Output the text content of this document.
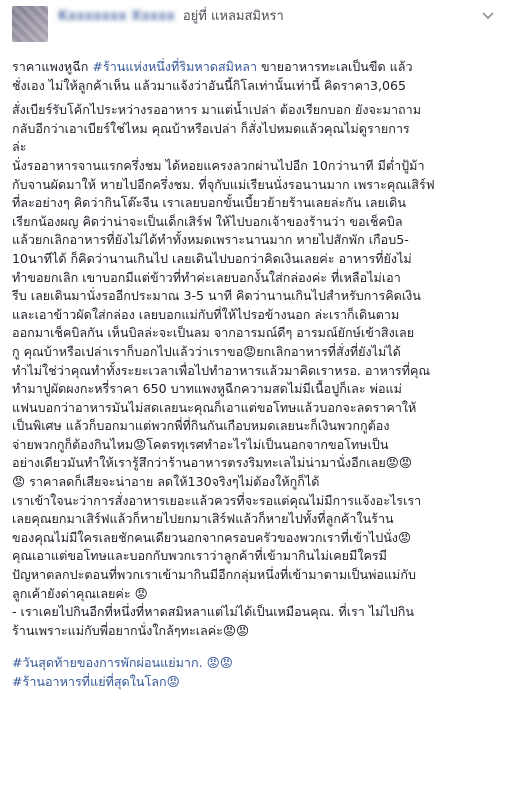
Kxxxxxxx Xxxxx อยู่ที่ แหลมสมิหรา
ราคาแพงหูฉีก #ร้านแห่งหนึ่งที่ริมหาดสมิหลา ขายอาหารทะเลเป็นขีด แล้ว
ชั่งเอง ไม่ให้ลูกค้าเห็น แล้วมาแจ้งว่าอันนี้กิโลเท่านั้นเท่านี้ คิดราคา3,065
สั่งเบียร์รับโค้กไประหว่างรออาหาร มาแต่น้ำเปล่า ต้องเรียกบอก ยังจะมาถาม
กลับอีกว่าเอาเบียร์ใช่ไหม คุณบ้าหรือเปล่า ก็สั่งไปหมดแล้วคุณไม่ดูรายการ
ล่ะ
นั่งรออาหารจานแรกครึ่งชม ได้หอยแครงลวกผ่านไปอีก 10กว่านาที มีต่ำปู้ม้า
กับจานผัดมาให้ หายไปอีกครึ่งชม. ที่จุกับแม่เรียนนั่งรอนานมาก เพราะคุณเสิร์ฟ
ที่ละอย่างๆ คิดว่ากินโต๊ะจีน เราเลยบอกขั้นเบี้ยวย้ายร้านเลยล่ะกัน เลยเดิน
เรียกน้องผญ คิดว่าน่าจะเป็นเด็กเสิร์ฟ ให้ไปบอกเจ้าของร้านว่า ขอเช็คบิล
แล้วยกเลิกอาหารที่ยังไม่ได้ทำทั้งหมดเพราะนานมาก หายไปสักพัก เกือบ5-
10นาทีได้ ก็คิดว่านานเกินไป เลยเดินไปบอกว่าคิดเงินเลยค่ะ อาหารที่ยังไม่
ทำขอยกเลิก เขาบอกมีแต่ข้าวที่ทำค่ะเลยบอกงั้นใส่กล่องค่ะ ที่เหลือไม่เอา
รีบ เลยเดินมานั่งรออีกประมาณ 3-5 นาที คิดว่านานเกินไปสำหรับการคิดเงิน
และเอาข้าวผัดใส่กล่อง เลยบอกแม่กับที่ให้ไปรอข้างนอก ล่ะเราก็เดินตาม
ออกมาเช็คบิลกัน เห็นบิลล่ะจะเป็นลม จากอารมณ์ดีๆ อารมณ์ยักษ์เข้าสิงเลย
กู คุณบ้าหรือเปล่าเราก็บอกไปแล้วว่าเราขอ😡ยกเลิกอาหารที่สั่งที่ยังไม่ได้
ทำไม่ใช่ว่าคุณทำทั้งระยะเวลาเพื่อไปทำอาหารแล้วมาคิดเราหรอ. อาหารที่คุณ
ทำมาปูผัดผงกะหรี่ราคา 650 บาทแพงหูฉีกความสดไม่มีเนื้อปูก็เละ พ่อแม่
แฟนบอกว่าอาหารมันไม่สดเลยนะคุณก็เอาแต่ขอโทษแล้วบอกจะลดราคาให้
เป็นพิเศษ แล้วก็บอกมาแต่พวกพี่ที่กินกันเกือบหมดเลยนะก็เงินพวกกูต้อง
จ่ายพวกกูก็ต้องกินไหม😡โคตรทุเรศทำอะไรไม่เป็นนอกจากขอโทษเป็น
อย่างเดียวมันทำให้เรารู้สึกว่าร้านอาหารตรงริมทะเลไม่น่ามานั่งอีกเลย😡😡
😡 ราคาลดก็เสียจะน่าอาย ลดให้130จริงๆไม่ต้องให้กูก็ได้
เราเข้าใจนะว่าการสั่งอาหารเยอะแล้วควรที่จะรอแต่คุณไม่มีการแจ้งอะไรเรา
เลยคุณยกมาเสิร์ฟแล้วก็หายไปยกมาเสิร์ฟแล้วก็หายไปทั้งที่ลูกค้าในร้าน
ของคุณไม่มีใครเลยชักคนเดียวนอกจากครอบครัวของพวกเราที่เข้าไปนั่ง😡
คุณเอาแต่ขอโทษและบอกกับพวกเราว่าลูกค้าที่เข้ามากินไม่เคยมีใครมี
ปัญหาตลกปะตอนที่พวกเราเข้ามากินมีอีกกลุ่มหนึ่งที่เข้ามาตามเป็นพ่อแม่กับ
ลูกเค้ายังด่าคุณเลยค่ะ 😡
- เราเคยไปกินอีกที่หนึ่งที่หาดสมิหลาแต่ไม่ได้เป็นเหมือนคุณ. ที่เรา ไม่ไปกิน
ร้านเพราะแม่กับพี่อยากนั่งใกล้ๆทะเลค่ะ😡😡
#วันสุดท้ายของการพักผ่อนแย่มาก. 😡😡
#ร้านอาหารที่แย่ที่สุดในโลก😡
